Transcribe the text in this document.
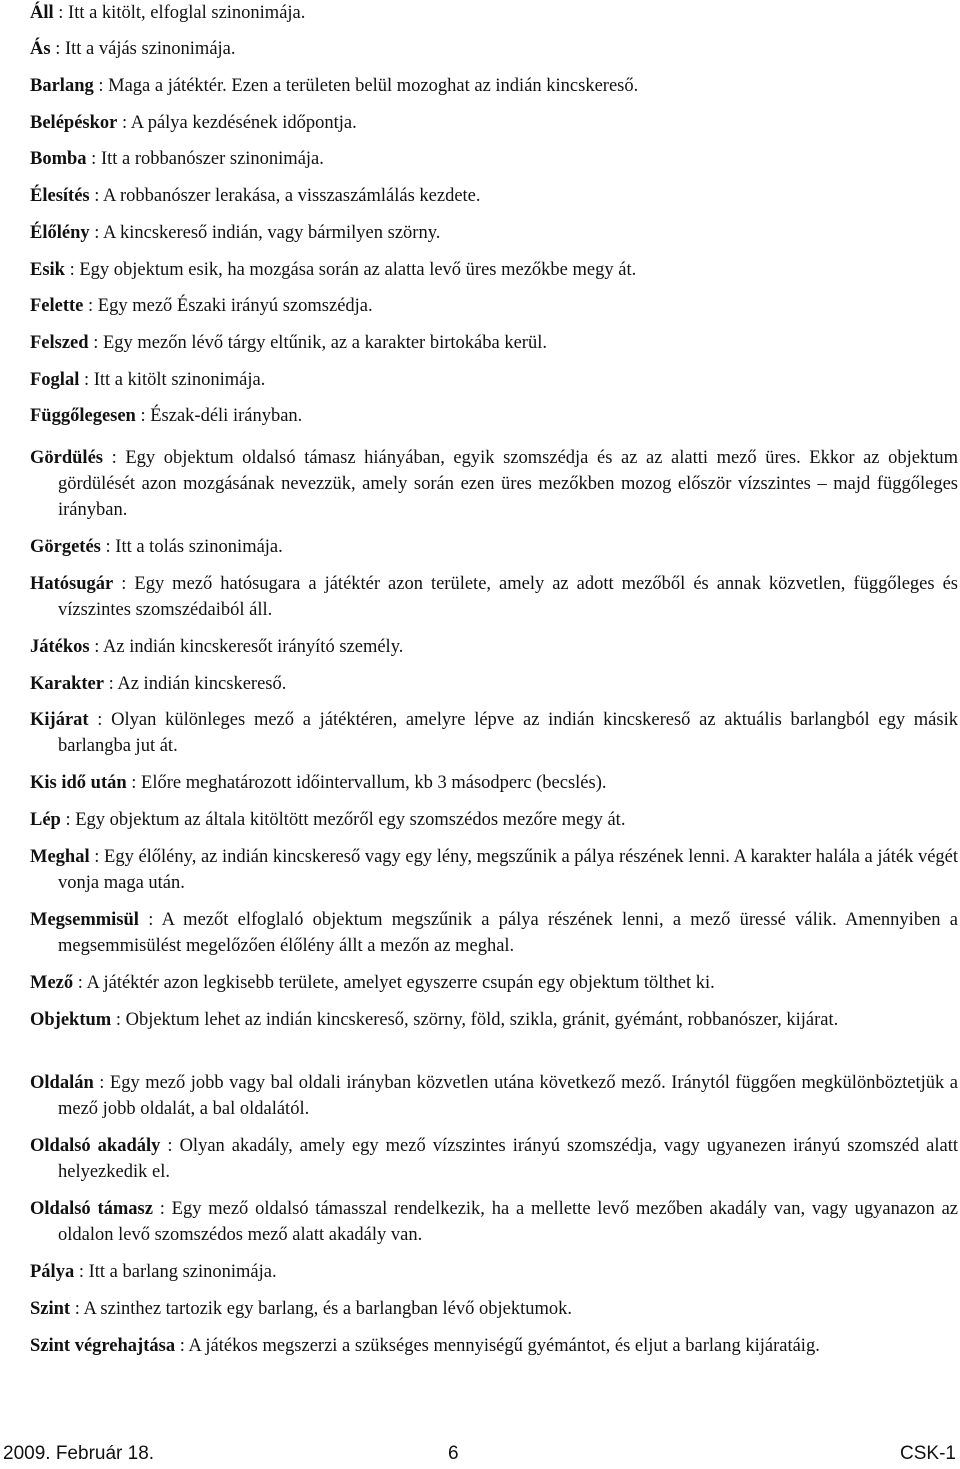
Áll : Itt a kitölt, elfoglal szinonimája.

Ás : Itt a vájás szinonimája.

Barlang : Maga a játéktér. Ezen a területen belül mozoghat az indián kincskereső.

Belépéskor : A pálya kezdésének időpontja.

Bomba : Itt a robbanószer szinonimája.

Élesítés : A robbanószer lerakása, a visszaszámlálás kezdete.

Élőlény : A kincskereső indián, vagy bármilyen szörny.

Esik : Egy objektum esik, ha mozgása során az alatta levő üres mezőkbe megy át.

Felette : Egy mező Északi irányú szomszédja.

Felszed : Egy mezőn lévő tárgy eltűnik, az a karakter birtokába kerül.

Foglal : Itt a kitölt szinonimája.

Függőlegesen : Észak-déli irányban.

Gördülés : Egy objektum oldalsó támasz hiányában, egyik szomszédja és az az alatti mező üres. Ekkor az objektum gördülését azon mozgásának nevezzük, amely során ezen üres mezőkben mozog először vízszintes – majd függőleges irányban.

Görgetés : Itt a tolás szinonimája.

Hatósugár : Egy mező hatósugara a játéktér azon területe, amely az adott mezőből és annak közvetlen, függőleges és vízszintes szomszédaiból áll.

Játékos : Az indián kincskeresőt irányító személy.

Karakter : Az indián kincskereső.

Kijárat : Olyan különleges mező a játéktéren, amelyre lépve az indián kincskereső az aktuális barlangból egy másik barlangba jut át.

Kis idő után : Előre meghatározott időintervallum, kb 3 másodperc (becslés).

Lép : Egy objektum az általa kitöltött mezőről egy szomszédos mezőre megy át.

Meghal : Egy élőlény, az indián kincskereső vagy egy lény, megszűnik a pálya részének lenni. A karakter halála a játék végét vonja maga után.

Megsemmisül : A mezőt elfoglaló objektum megszűnik a pálya részének lenni, a mező üressé válik. Amennyiben a megsemmisülést megelőzően élőlény állt a mezőn az meghal.

Mező : A játéktér azon legkisebb területe, amelyet egyszerre csupán egy objektum tölthet ki.

Objektum : Objektum lehet az indián kincskereső, szörny, föld, szikla, gránit, gyémánt, robbanószer, kijárat.

Oldalán : Egy mező jobb vagy bal oldali irányban közvetlen utána következő mező. Iránytól függően megkülönböztetjük a mező jobb oldalát, a bal oldalától.

Oldalsó akadály : Olyan akadály, amely egy mező vízszintes irányú szomszédja, vagy ugyanezen irányú szomszéd alatt helyezkedik el.

Oldalsó támasz : Egy mező oldalsó támasszal rendelkezik, ha a mellette levő mezőben akadály van, vagy ugyanazon az oldalon levő szomszédos mező alatt akadály van.

Pálya : Itt a barlang szinonimája.

Szint : A szinthez tartozik egy barlang, és a barlangban lévő objektumok.

Szint végrehajtása : A játékos megszerzi a szükséges mennyiségű gyémántot, és eljut a barlang kijáratáig.

2009. Február 18.	6	CSK-1
